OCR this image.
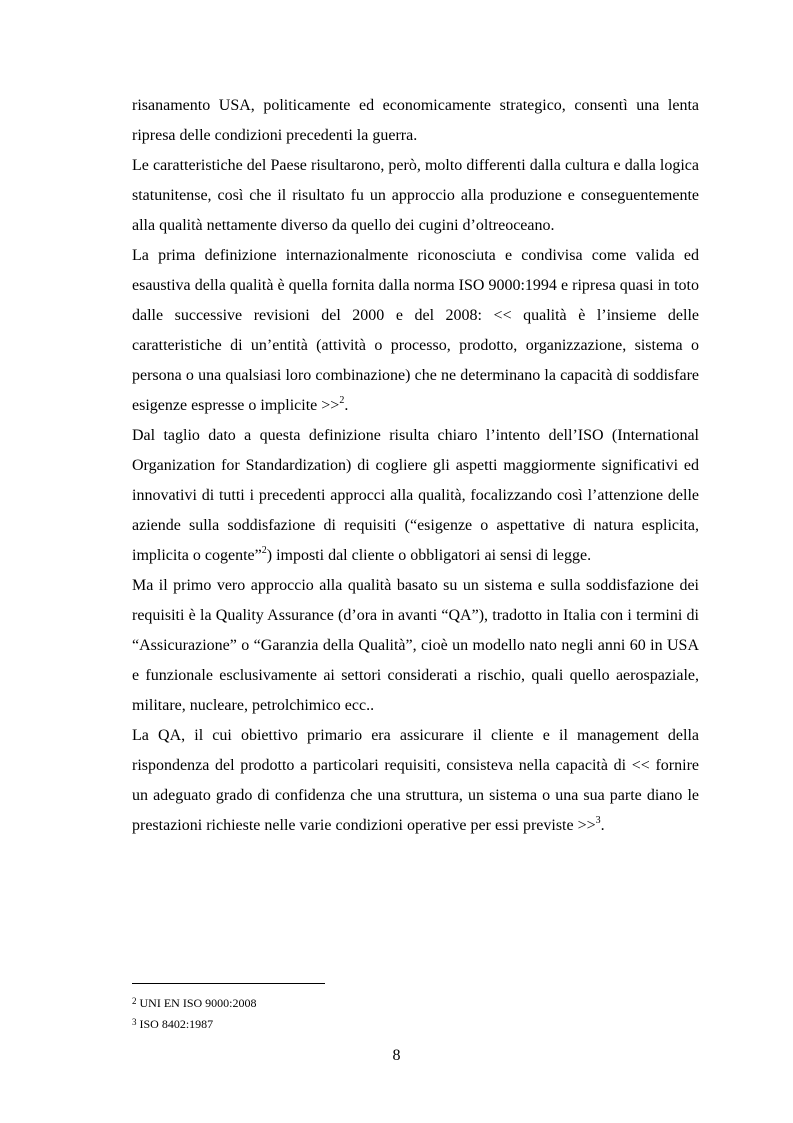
risanamento USA, politicamente ed economicamente strategico, consentì una lenta ripresa delle condizioni precedenti la guerra.

Le caratteristiche del Paese risultarono, però, molto differenti dalla cultura e dalla logica statunitense, così che il risultato fu un approccio alla produzione e conseguentemente alla qualità nettamente diverso da quello dei cugini d’oltreoceano.

La prima definizione internazionalmente riconosciuta e condivisa come valida ed esaustiva della qualità è quella fornita dalla norma ISO 9000:1994 e ripresa quasi in toto dalle successive revisioni del 2000 e del 2008: << qualità è l’insieme delle caratteristiche di un’entità (attività o processo, prodotto, organizzazione, sistema o persona o una qualsiasi loro combinazione) che ne determinano la capacità di soddisfare esigenze espresse o implicite >>$^2$.

Dal taglio dato a questa definizione risulta chiaro l’intento dell’ISO (International Organization for Standardization) di cogliere gli aspetti maggiormente significativi ed innovativi di tutti i precedenti approcci alla qualità, focalizzando così l’attenzione delle aziende sulla soddisfazione di requisiti (“esigenze o aspettative di natura esplicita, implicita o cogente”$^2$) imposti dal cliente o obbligatori ai sensi di legge.

Ma il primo vero approccio alla qualità basato su un sistema e sulla soddisfazione dei requisiti è la Quality Assurance (d’ora in avanti “QA”), tradotto in Italia con i termini di “Assicurazione” o “Garanzia della Qualità”, cioè un modello nato negli anni 60 in USA e funzionale esclusivamente ai settori considerati a rischio, quali quello aerospaziale, militare, nucleare, petrolchimico ecc..

La QA, il cui obiettivo primario era assicurare il cliente e il management della rispondenza del prodotto a particolari requisiti, consisteva nella capacità di << fornire un adeguato grado di confidenza che una struttura, un sistema o una sua parte diano le prestazioni richieste nelle varie condizioni operative per essi previste >>$^3$.

$^2$ UNI EN ISO 9000:2008
$^3$ ISO 8402:1987
8
